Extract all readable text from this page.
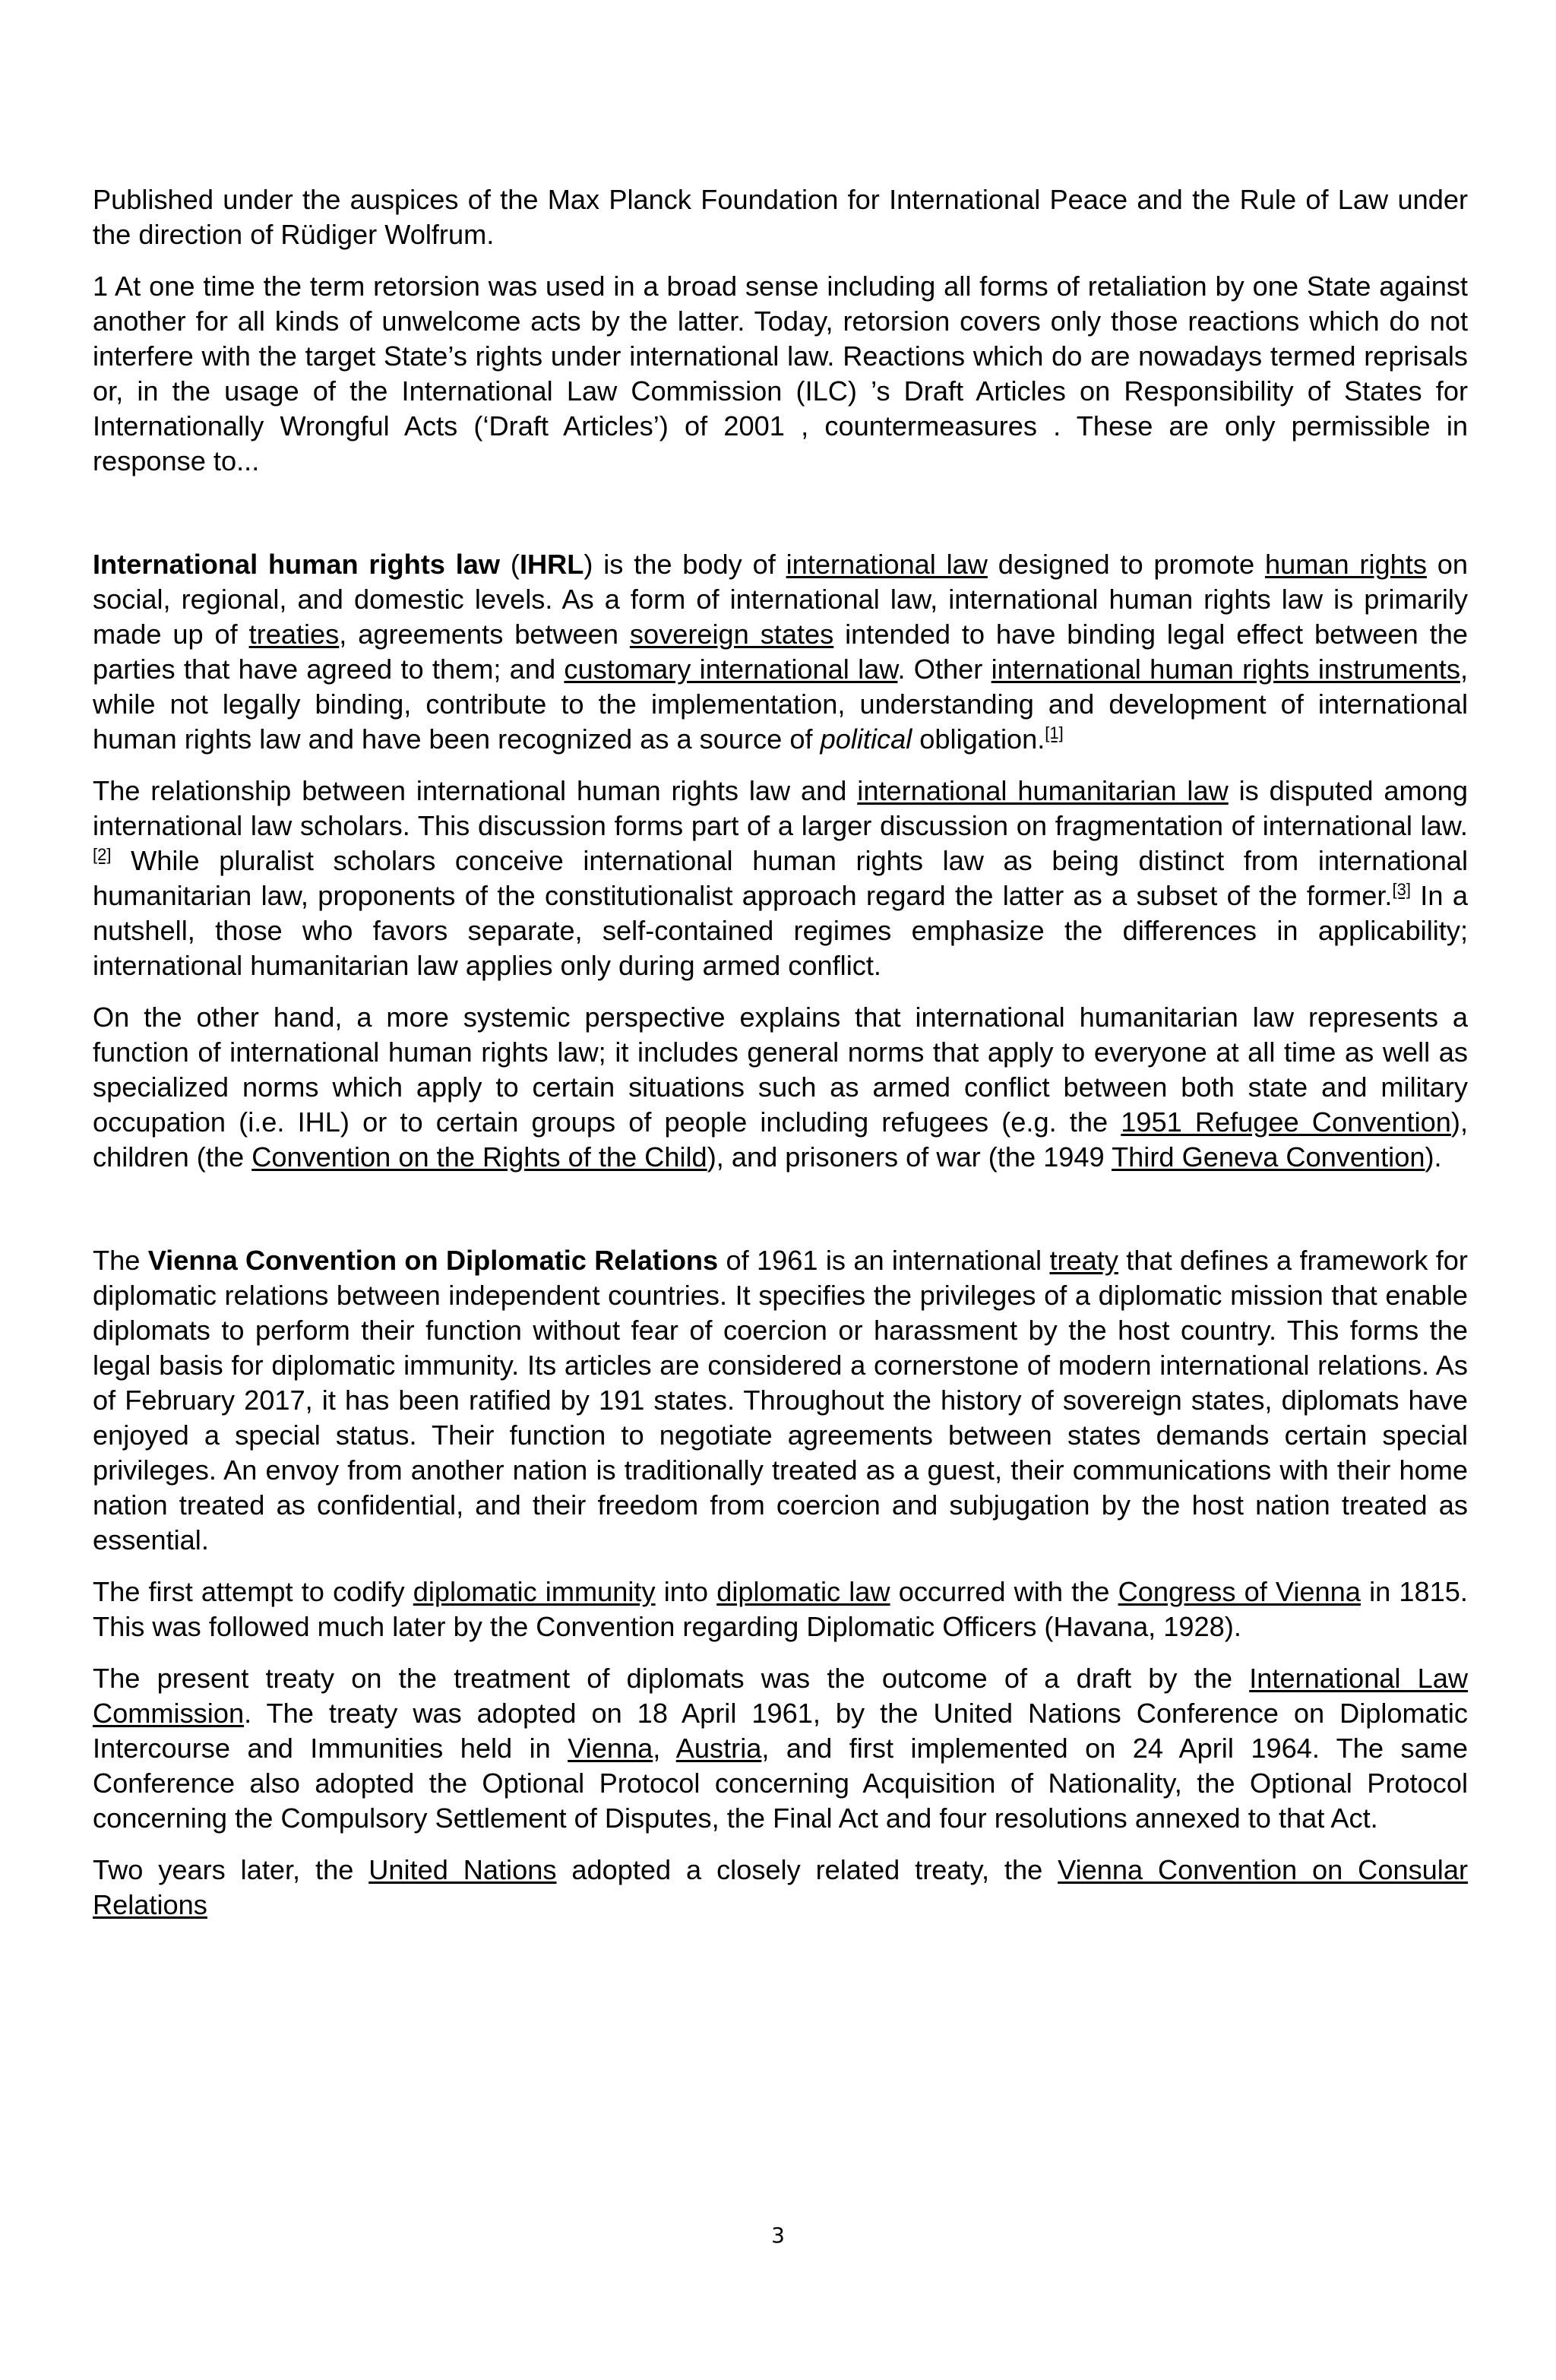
Published under the auspices of the Max Planck Foundation for International Peace and the Rule of Law under the direction of Rüdiger Wolfrum.

1 At one time the term retorsion was used in a broad sense including all forms of retaliation by one State against another for all kinds of unwelcome acts by the latter. Today, retorsion covers only those reactions which do not interfere with the target State’s rights under international law. Reactions which do are nowadays termed reprisals or, in the usage of the International Law Commission (ILC) ’s Draft Articles on Responsibility of States for Internationally Wrongful Acts (‘Draft Articles’) of 2001 , countermeasures . These are only permissible in response to...

International human rights law (IHRL) is the body of international law designed to promote human rights on social, regional, and domestic levels. As a form of international law, international human rights law is primarily made up of treaties, agreements between sovereign states intended to have binding legal effect between the parties that have agreed to them; and customary international law. Other international human rights instruments, while not legally binding, contribute to the implementation, understanding and development of international human rights law and have been recognized as a source of political obligation.[1]

The relationship between international human rights law and international humanitarian law is disputed among international law scholars. This discussion forms part of a larger discussion on fragmentation of international law.[2] While pluralist scholars conceive international human rights law as being distinct from international humanitarian law, proponents of the constitutionalist approach regard the latter as a subset of the former.[3] In a nutshell, those who favors separate, self-contained regimes emphasize the differences in applicability; international humanitarian law applies only during armed conflict.

On the other hand, a more systemic perspective explains that international humanitarian law represents a function of international human rights law; it includes general norms that apply to everyone at all time as well as specialized norms which apply to certain situations such as armed conflict between both state and military occupation (i.e. IHL) or to certain groups of people including refugees (e.g. the 1951 Refugee Convention), children (the Convention on the Rights of the Child), and prisoners of war (the 1949 Third Geneva Convention).

The Vienna Convention on Diplomatic Relations of 1961 is an international treaty that defines a framework for diplomatic relations between independent countries. It specifies the privileges of a diplomatic mission that enable diplomats to perform their function without fear of coercion or harassment by the host country. This forms the legal basis for diplomatic immunity. Its articles are considered a cornerstone of modern international relations. As of February 2017, it has been ratified by 191 states. Throughout the history of sovereign states, diplomats have enjoyed a special status. Their function to negotiate agreements between states demands certain special privileges. An envoy from another nation is traditionally treated as a guest, their communications with their home nation treated as confidential, and their freedom from coercion and subjugation by the host nation treated as essential.

The first attempt to codify diplomatic immunity into diplomatic law occurred with the Congress of Vienna in 1815. This was followed much later by the Convention regarding Diplomatic Officers (Havana, 1928).

The present treaty on the treatment of diplomats was the outcome of a draft by the International Law Commission. The treaty was adopted on 18 April 1961, by the United Nations Conference on Diplomatic Intercourse and Immunities held in Vienna, Austria, and first implemented on 24 April 1964. The same Conference also adopted the Optional Protocol concerning Acquisition of Nationality, the Optional Protocol concerning the Compulsory Settlement of Disputes, the Final Act and four resolutions annexed to that Act.

Two years later, the United Nations adopted a closely related treaty, the Vienna Convention on Consular Relations

3
